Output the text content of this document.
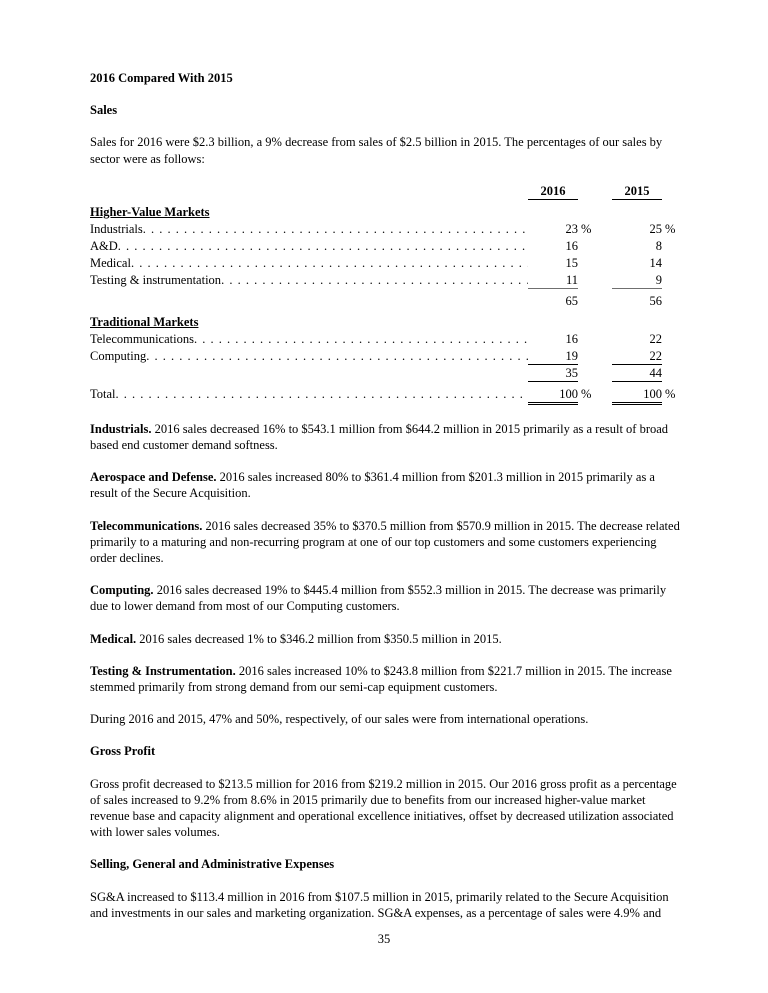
2016 Compared With 2015
Sales

Sales for 2016 were $2.3 billion, a 9% decrease from sales of $2.5 billion in 2015. The percentages of our sales by sector were as follows:

2016	2015
Higher-Value Markets
Industrials . . .	23 %	25 %
A&D . . .	16	8
Medical . . .	15	14
Testing & instrumentation . . .	11	9
65	56
Traditional Markets
Telecommunications . . .	16	22
Computing . . .	19	22
35	44
Total . . .	100 %	100 %

Industrials. 2016 sales decreased 16% to $543.1 million from $644.2 million in 2015 primarily as a result of broad based end customer demand softness.

Aerospace and Defense. 2016 sales increased 80% to $361.4 million from $201.3 million in 2015 primarily as a result of the Secure Acquisition.

Telecommunications. 2016 sales decreased 35% to $370.5 million from $570.9 million in 2015. The decrease related primarily to a maturing and non-recurring program at one of our top customers and some customers experiencing order declines.

Computing. 2016 sales decreased 19% to $445.4 million from $552.3 million in 2015. The decrease was primarily due to lower demand from most of our Computing customers.

Medical. 2016 sales decreased 1% to $346.2 million from $350.5 million in 2015.

Testing & Instrumentation. 2016 sales increased 10% to $243.8 million from $221.7 million in 2015. The increase stemmed primarily from strong demand from our semi-cap equipment customers.

During 2016 and 2015, 47% and 50%, respectively, of our sales were from international operations.

Gross Profit

Gross profit decreased to $213.5 million for 2016 from $219.2 million in 2015. Our 2016 gross profit as a percentage of sales increased to 9.2% from 8.6% in 2015 primarily due to benefits from our increased higher-value market revenue base and capacity alignment and operational excellence initiatives, offset by decreased utilization associated with lower sales volumes.

Selling, General and Administrative Expenses

SG&A increased to $113.4 million in 2016 from $107.5 million in 2015, primarily related to the Secure Acquisition and investments in our sales and marketing organization. SG&A expenses, as a percentage of sales were 4.9% and

35
